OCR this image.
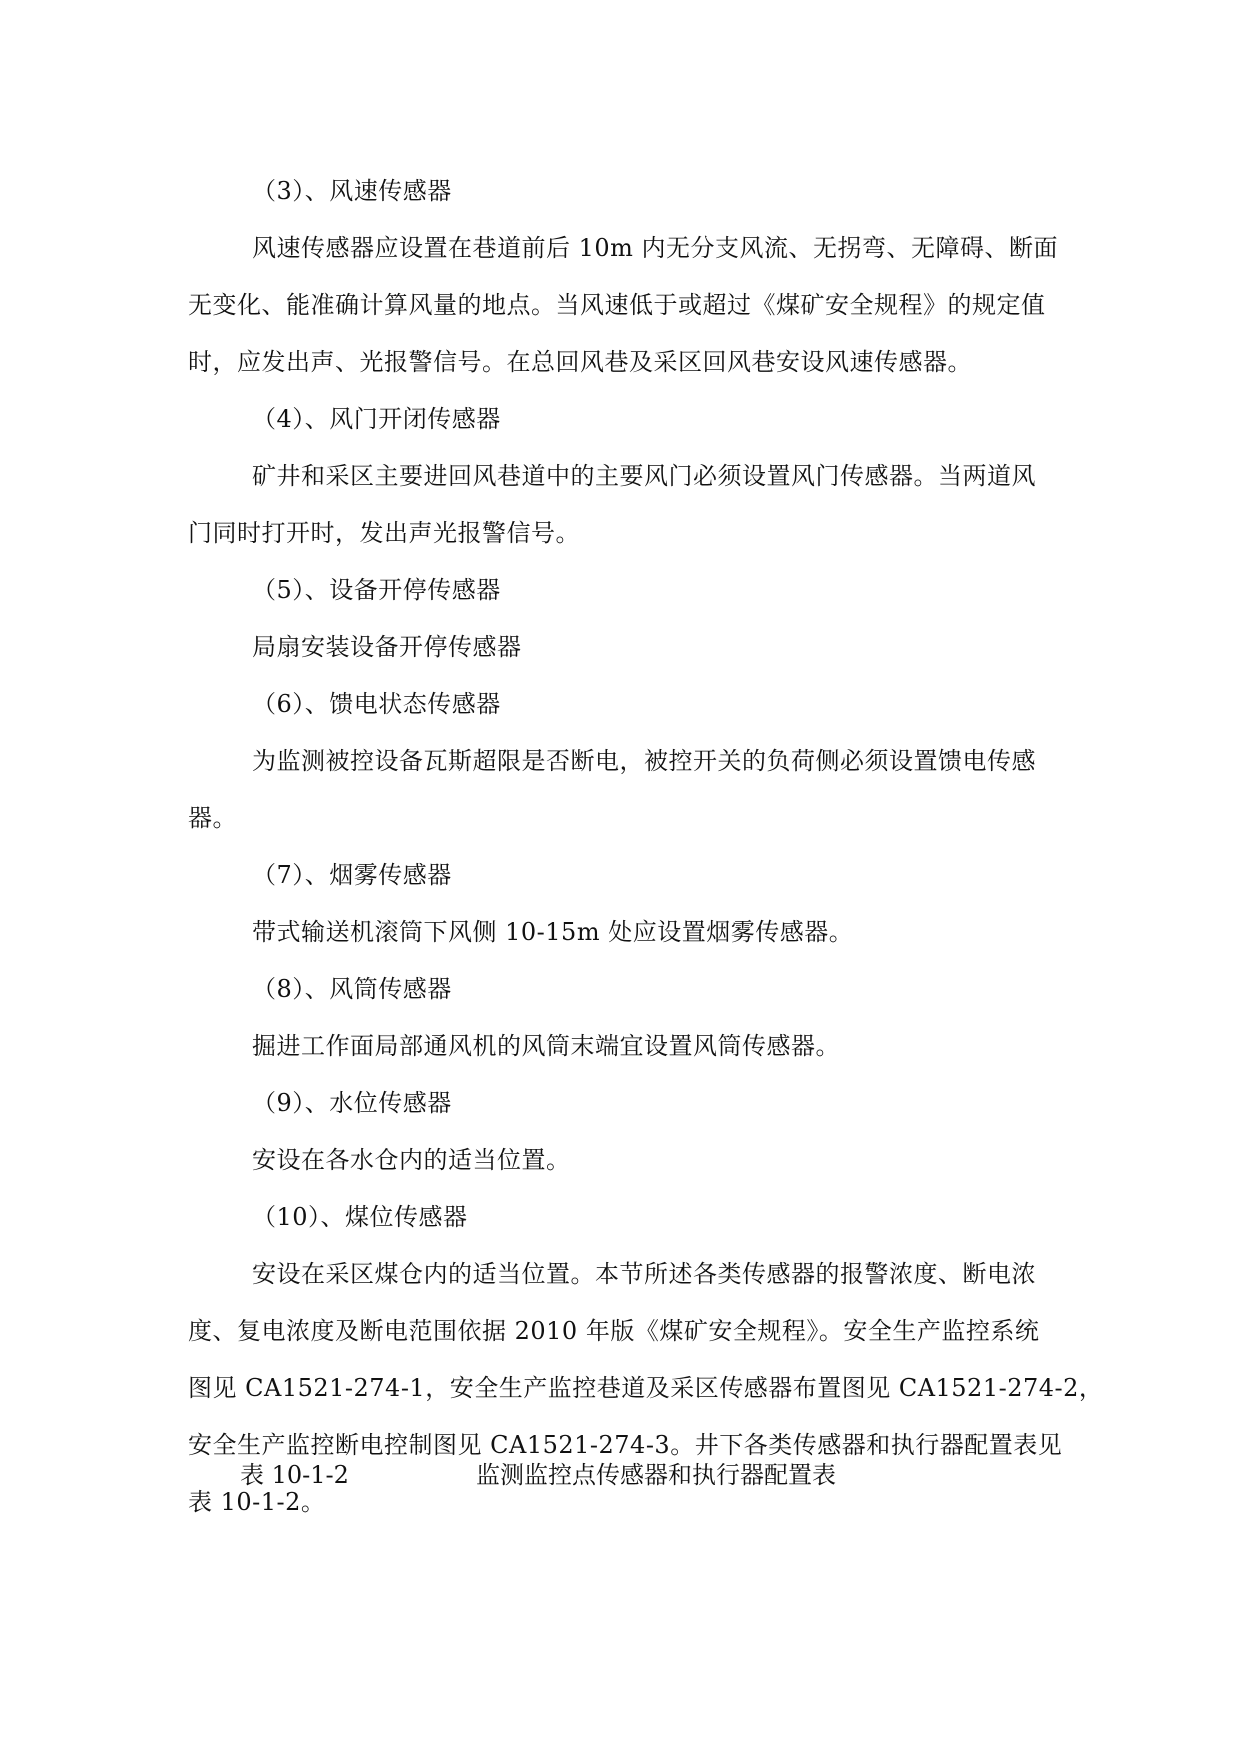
（3）、风速传感器
风速传感器应设置在巷道前后 10m 内无分支风流、无拐弯、无障碍、断面
无变化、能准确计算风量的地点。当风速低于或超过《煤矿安全规程》的规定值
时，应发出声、光报警信号。在总回风巷及采区回风巷安设风速传感器。
（4）、风门开闭传感器
矿井和采区主要进回风巷道中的主要风门必须设置风门传感器。当两道风
门同时打开时，发出声光报警信号。
（5）、设备开停传感器
局扇安装设备开停传感器
（6）、馈电状态传感器
为监测被控设备瓦斯超限是否断电，被控开关的负荷侧必须设置馈电传感
器。
（7）、烟雾传感器
带式输送机滚筒下风侧 10-15m 处应设置烟雾传感器。
（8）、风筒传感器
掘进工作面局部通风机的风筒末端宜设置风筒传感器。
（9）、水位传感器
安设在各水仓内的适当位置。
（10）、煤位传感器
安设在采区煤仓内的适当位置。本节所述各类传感器的报警浓度、断电浓
度、复电浓度及断电范围依据 2010 年版《煤矿安全规程》。安全生产监控系统
图见 CA1521-274-1，安全生产监控巷道及采区传感器布置图见 CA1521-274-2，
安全生产监控断电控制图见 CA1521-274-3。井下各类传感器和执行器配置表见
表 10-1-2。
表 10-1-2	监测监控点传感器和执行器配置表
